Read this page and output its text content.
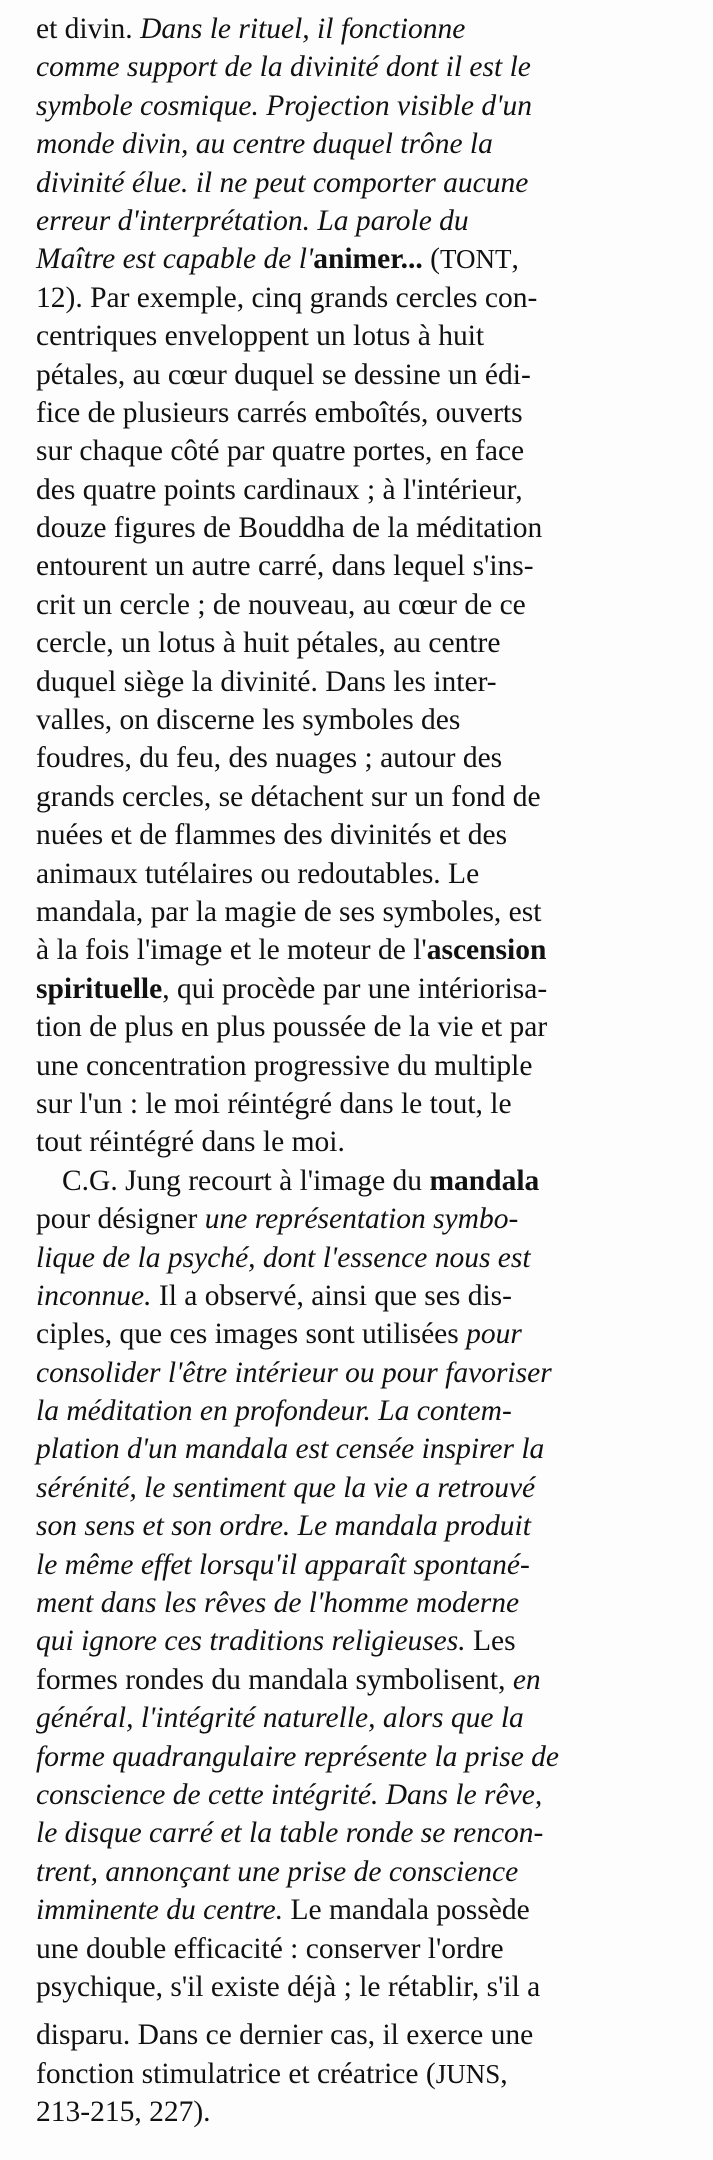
et divin. Dans le rituel, il fonctionne
comme support de la divinité dont il est le
symbole cosmique. Projection visible d'un
monde divin, au centre duquel trône la
divinité élue. il ne peut comporter aucune
erreur d'interprétation. La parole du
Maître est capable de l'animer... (TONT,
12). Par exemple, cinq grands cercles con-
centriques enveloppent un lotus à huit
pétales, au cœur duquel se dessine un édi-
fice de plusieurs carrés emboîtés, ouverts
sur chaque côté par quatre portes, en face
des quatre points cardinaux ; à l'intérieur,
douze figures de Bouddha de la méditation
entourent un autre carré, dans lequel s'ins-
crit un cercle ; de nouveau, au cœur de ce
cercle, un lotus à huit pétales, au centre
duquel siège la divinité. Dans les inter-
valles, on discerne les symboles des
foudres, du feu, des nuages ; autour des
grands cercles, se détachent sur un fond de
nuées et de flammes des divinités et des
animaux tutélaires ou redoutables. Le
mandala, par la magie de ses symboles, est
à la fois l'image et le moteur de l'ascension
spirituelle, qui procède par une intériorisa-
tion de plus en plus poussée de la vie et par
une concentration progressive du multiple
sur l'un : le moi réintégré dans le tout, le
tout réintégré dans le moi.
C.G. Jung recourt à l'image du mandala
pour désigner une représentation symbo-
lique de la psyché, dont l'essence nous est
inconnue. Il a observé, ainsi que ses dis-
ciples, que ces images sont utilisées pour
consolider l'être intérieur ou pour favoriser
la méditation en profondeur. La contem-
plation d'un mandala est censée inspirer la
sérénité, le sentiment que la vie a retrouvé
son sens et son ordre. Le mandala produit
le même effet lorsqu'il apparaît spontané-
ment dans les rêves de l'homme moderne
qui ignore ces traditions religieuses. Les
formes rondes du mandala symbolisent, en
général, l'intégrité naturelle, alors que la
forme quadrangulaire représente la prise de
conscience de cette intégrité. Dans le rêve,
le disque carré et la table ronde se rencon-
trent, annonçant une prise de conscience
imminente du centre. Le mandala possède
une double efficacité : conserver l'ordre
psychique, s'il existe déjà ; le rétablir, s'il a
disparu. Dans ce dernier cas, il exerce une
fonction stimulatrice et créatrice (JUNS,
213-215, 227).
